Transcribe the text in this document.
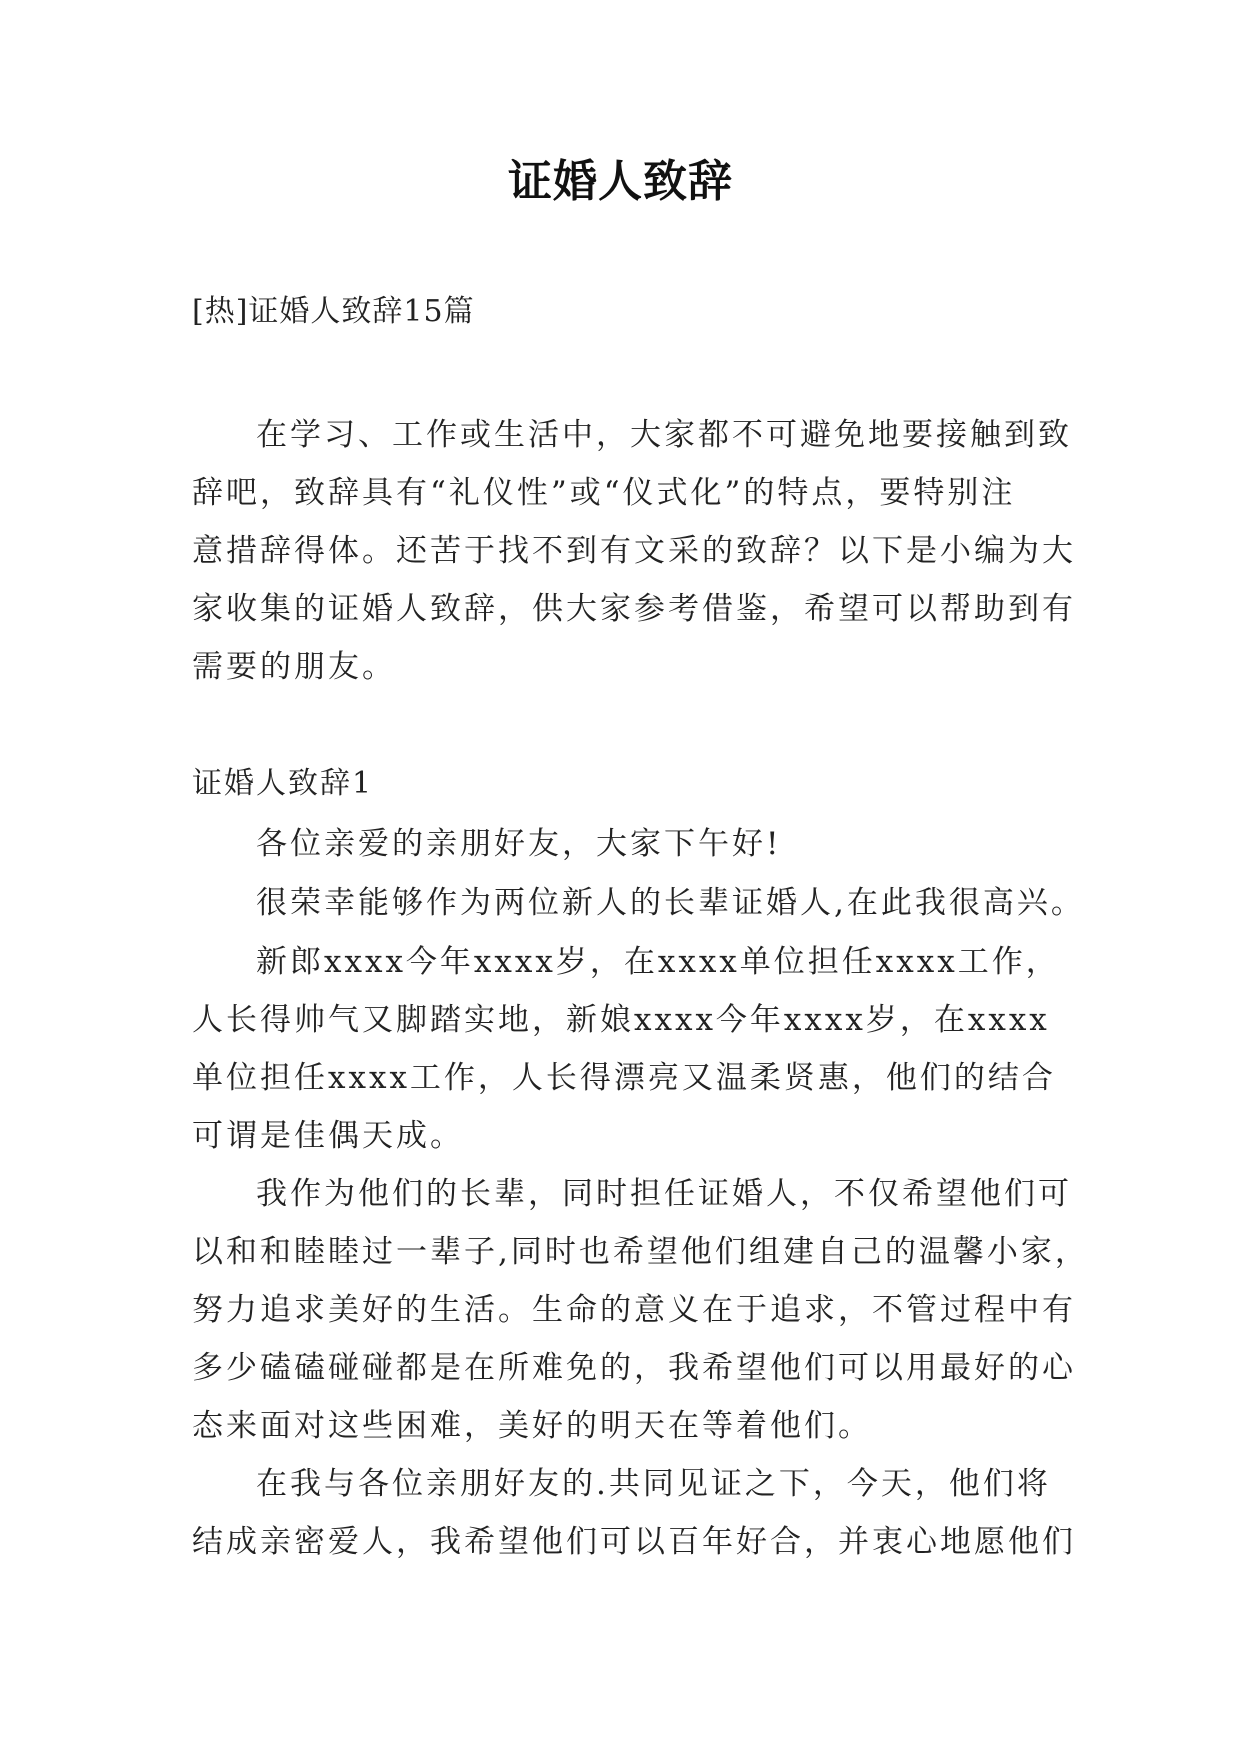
证婚人致辞
[热]证婚人致辞15篇

在学习、工作或生活中，大家都不可避免地要接触到致
辞吧，致辞具有“礼仪性”或“仪式化”的特点，要特别注
意措辞得体。还苦于找不到有文采的致辞？以下是小编为大
家收集的证婚人致辞，供大家参考借鉴，希望可以帮助到有
需要的朋友。

证婚人致辞1

各位亲爱的亲朋好友，大家下午好!

很荣幸能够作为两位新人的长辈证婚人,在此我很高兴。

新郎xxxx今年xxxx岁，在xxxx单位担任xxxx工作，
人长得帅气又脚踏实地，新娘xxxx今年xxxx岁，在xxxx
单位担任xxxx工作，人长得漂亮又温柔贤惠，他们的结合
可谓是佳偶天成。

我作为他们的长辈，同时担任证婚人，不仅希望他们可
以和和睦睦过一辈子,同时也希望他们组建自己的温馨小家，
努力追求美好的生活。生命的意义在于追求，不管过程中有
多少磕磕碰碰都是在所难免的，我希望他们可以用最好的心
态来面对这些困难，美好的明天在等着他们。

在我与各位亲朋好友的.共同见证之下，今天，他们将
结成亲密爱人，我希望他们可以百年好合，并衷心地愿他们
